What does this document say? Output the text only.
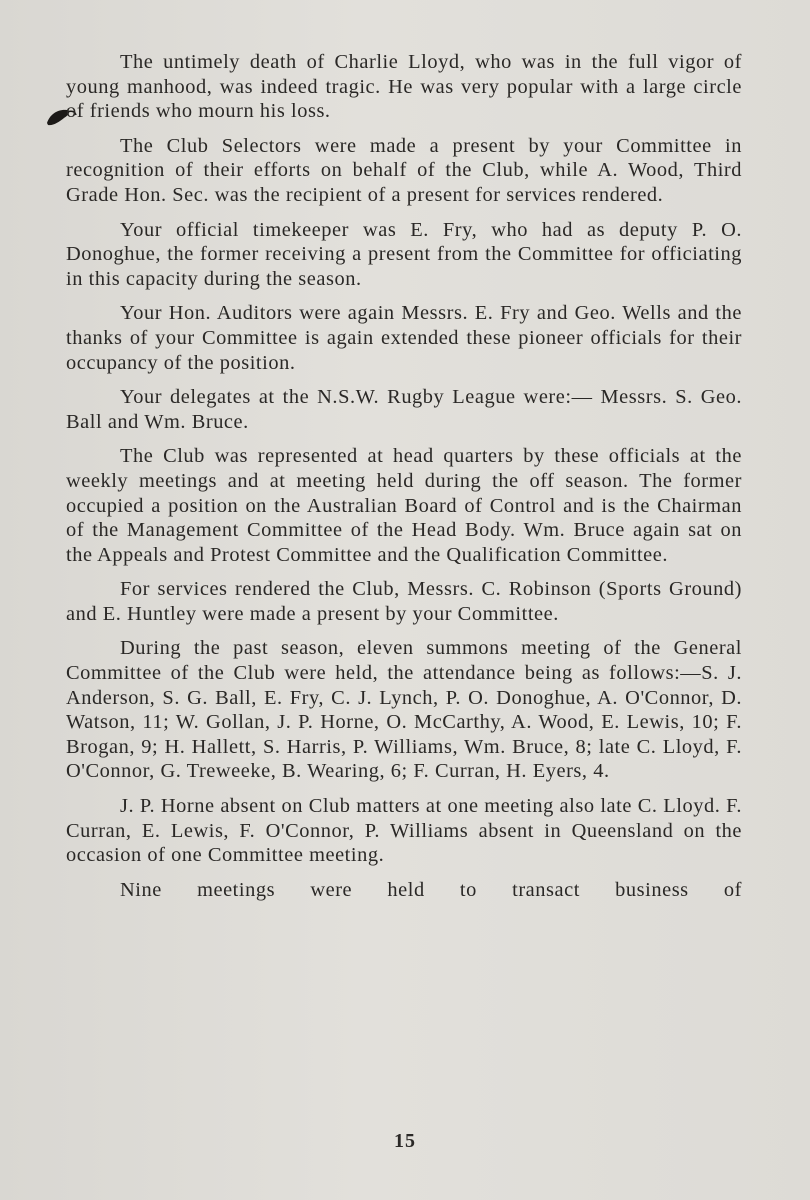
The untimely death of Charlie Lloyd, who was in the full vigor of young manhood, was indeed tragic. He was very popular with a large circle of friends who mourn his loss.

The Club Selectors were made a present by your Committee in recognition of their efforts on behalf of the Club, while A. Wood, Third Grade Hon. Sec. was the recipient of a present for services rendered.

Your official timekeeper was E. Fry, who had as deputy P. O. Donoghue, the former receiving a present from the Committee for officiating in this capacity during the season.

Your Hon. Auditors were again Messrs. E. Fry and Geo. Wells and the thanks of your Committee is again extended these pioneer officials for their occupancy of the position.

Your delegates at the N.S.W. Rugby League were:— Messrs. S. Geo. Ball and Wm. Bruce.

The Club was represented at head quarters by these officials at the weekly meetings and at meeting held during the off season. The former occupied a position on the Australian Board of Control and is the Chairman of the Management Committee of the Head Body. Wm. Bruce again sat on the Appeals and Protest Committee and the Qualification Committee.

For services rendered the Club, Messrs. C. Robinson (Sports Ground) and E. Huntley were made a present by your Committee.

During the past season, eleven summons meeting of the General Committee of the Club were held, the attendance being as follows:—S. J. Anderson, S. G. Ball, E. Fry, C. J. Lynch, P. O. Donoghue, A. O'Connor, D. Watson, 11; W. Gollan, J. P. Horne, O. McCarthy, A. Wood, E. Lewis, 10; F. Brogan, 9; H. Hallett, S. Harris, P. Williams, Wm. Bruce, 8; late C. Lloyd, F. O'Connor, G. Treweeke, B. Wearing, 6; F. Curran, H. Eyers, 4.

J. P. Horne absent on Club matters at one meeting also late C. Lloyd. F. Curran, E. Lewis, F. O'Connor, P. Williams absent in Queensland on the occasion of one Committee meeting.

Nine meetings were held to transact business of

15
